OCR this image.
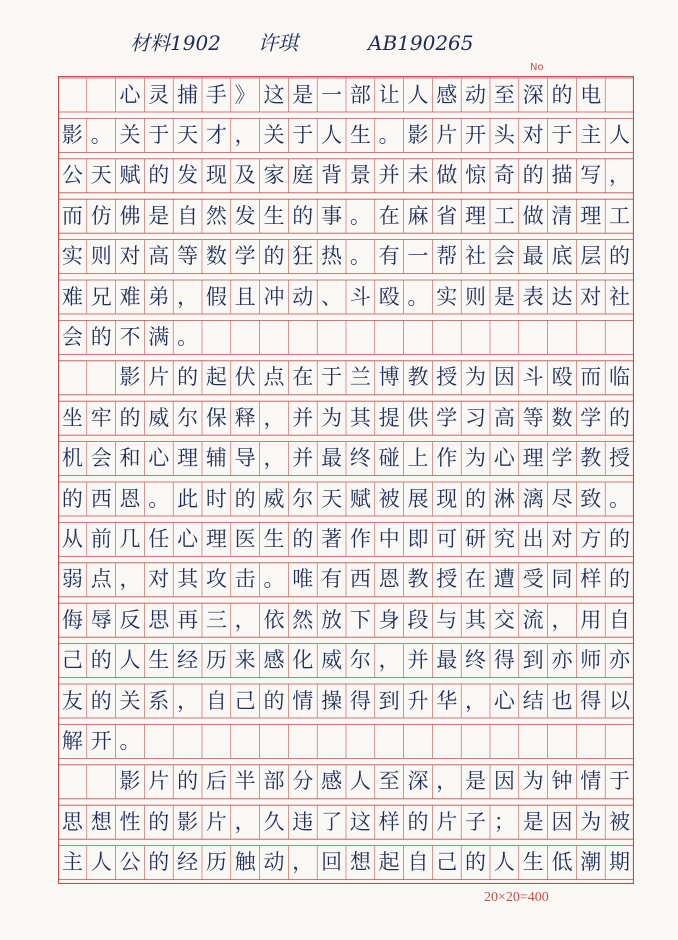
材料1902 许琪	AB190265
No
心 灵 捕 手 》 这 是 一 部 让 人 感 动 至 深 的 电
影 。 关 于 天 才 ， 关 于 人 生 。 影 片 开 头 对 于 主 人
公 天 赋 的 发 现 及 家 庭 背 景 并 未 做 惊 奇 的 描 写 ，
而 仿 佛 是 自 然 发 生 的 事 。 在 麻 省 理 工 做 清 理 工
实 则 对 高 等 数 学 的 狂 热 。 有 一 帮 社 会 最 底 层 的
难 兄 难 弟 ， 假 且 冲 动 、 斗 殴 。 实 则 是 表 达 对 社
会 的 不 满 。
影 片 的 起 伏 点 在 于 兰 博 教 授 为 因 斗 殴 而 临
坐 牢 的 威 尔 保 释 ， 并 为 其 提 供 学 习 高 等 数 学 的
机 会 和 心 理 辅 导 ， 并 最 终 碰 上 作 为 心 理 学 教 授
的 西 恩 。 此 时 的 威 尔 天 赋 被 展 现 的 淋 漓 尽 致 。
从 前 几 任 心 理 医 生 的 著 作 中 即 可 研 究 出 对 方 的
弱 点 ， 对 其 攻 击 。 唯 有 西 恩 教 授 在 遭 受 同 样 的
侮 辱 反 思 再 三 ， 依 然 放 下 身 段 与 其 交 流 ， 用 自
己 的 人 生 经 历 来 感 化 威 尔 ， 并 最 终 得 到 亦 师 亦
友 的 关 系 ， 自 己 的 情 操 得 到 升 华 ， 心 结 也 得 以
解 开 。
影 片 的 后 半 部 分 感 人 至 深 ， 是 因 为 钟 情 于
思 想 性 的 影 片 ， 久 违 了 这 样 的 片 子 ； 是 因 为 被
主 人 公 的 经 历 触 动 ， 回 想 起 自 己 的 人 生 低 潮 期
20×20=400
